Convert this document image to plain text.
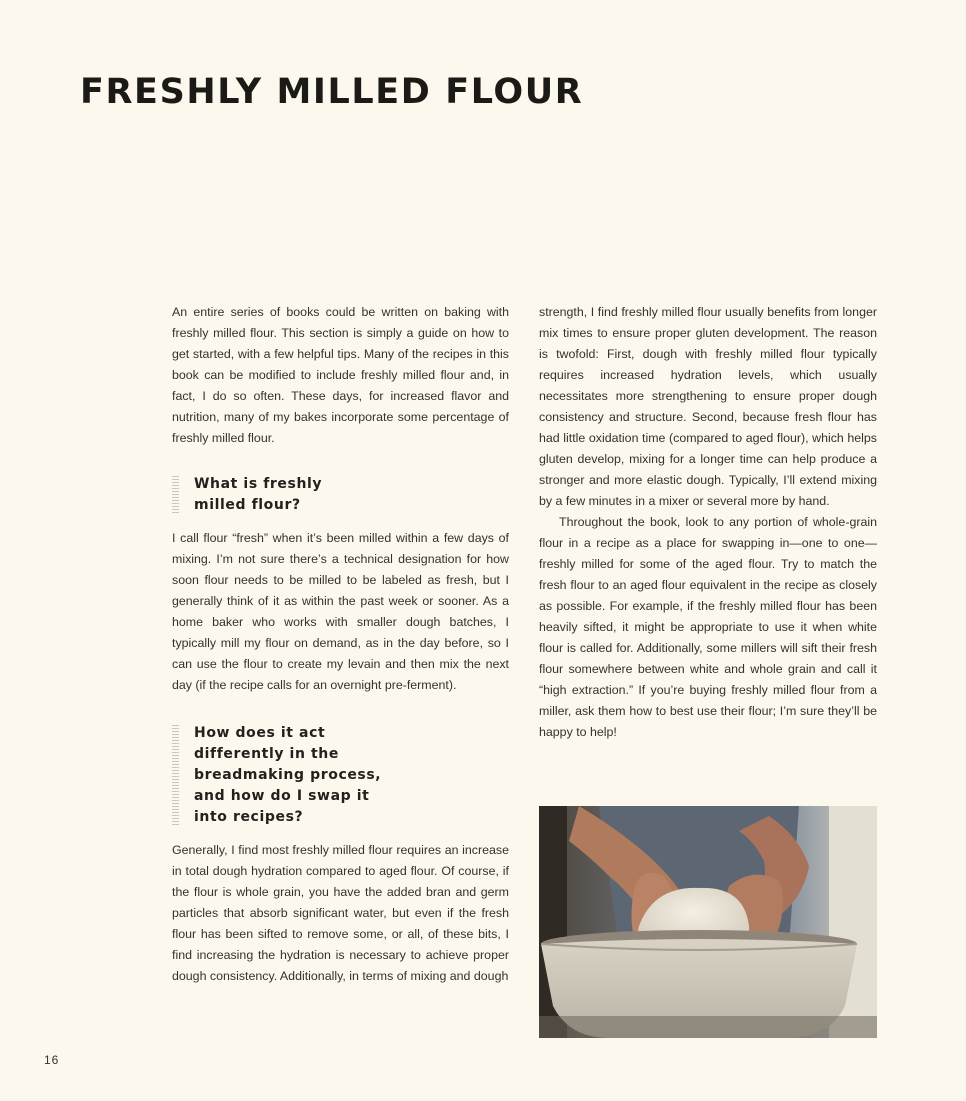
FRESHLY MILLED FLOUR

An entire series of books could be written on baking with freshly milled flour. This section is simply a guide on how to get started, with a few helpful tips. Many of the recipes in this book can be modified to include freshly milled flour and, in fact, I do so often. These days, for increased flavor and nutrition, many of my bakes incorporate some percentage of freshly milled flour.

What is freshly
milled flour?

I call flour “fresh” when it’s been milled within a few days of mixing. I’m not sure there’s a technical designation for how soon flour needs to be milled to be labeled as fresh, but I generally think of it as within the past week or sooner. As a home baker who works with smaller dough batches, I typically mill my flour on demand, as in the day before, so I can use the flour to create my levain and then mix the next day (if the recipe calls for an overnight pre-ferment).

How does it act
differently in the
breadmaking process,
and how do I swap it
into recipes?

Generally, I find most freshly milled flour requires an increase in total dough hydration compared to aged flour. Of course, if the flour is whole grain, you have the added bran and germ particles that absorb significant water, but even if the fresh flour has been sifted to remove some, or all, of these bits, I find increasing the hydration is necessary to achieve proper dough consistency. Additionally, in terms of mixing and dough

strength, I find freshly milled flour usually benefits from longer mix times to ensure proper gluten development. The reason is twofold: First, dough with freshly milled flour typically requires increased hydration levels, which usually necessitates more strengthening to ensure proper dough consistency and structure. Second, because fresh flour has had little oxidation time (compared to aged flour), which helps gluten develop, mixing for a longer time can help produce a stronger and more elastic dough. Typically, I’ll extend mixing by a few minutes in a mixer or several more by hand.

Throughout the book, look to any portion of whole-grain flour in a recipe as a place for swapping in—one to one—freshly milled for some of the aged flour. Try to match the fresh flour to an aged flour equivalent in the recipe as closely as possible. For example, if the freshly milled flour has been heavily sifted, it might be appropriate to use it when white flour is called for. Additionally, some millers will sift their fresh flour somewhere between white and whole grain and call it “high extraction.” If you’re buying freshly milled flour from a miller, ask them how to best use their flour; I’m sure they’ll be happy to help!

16
